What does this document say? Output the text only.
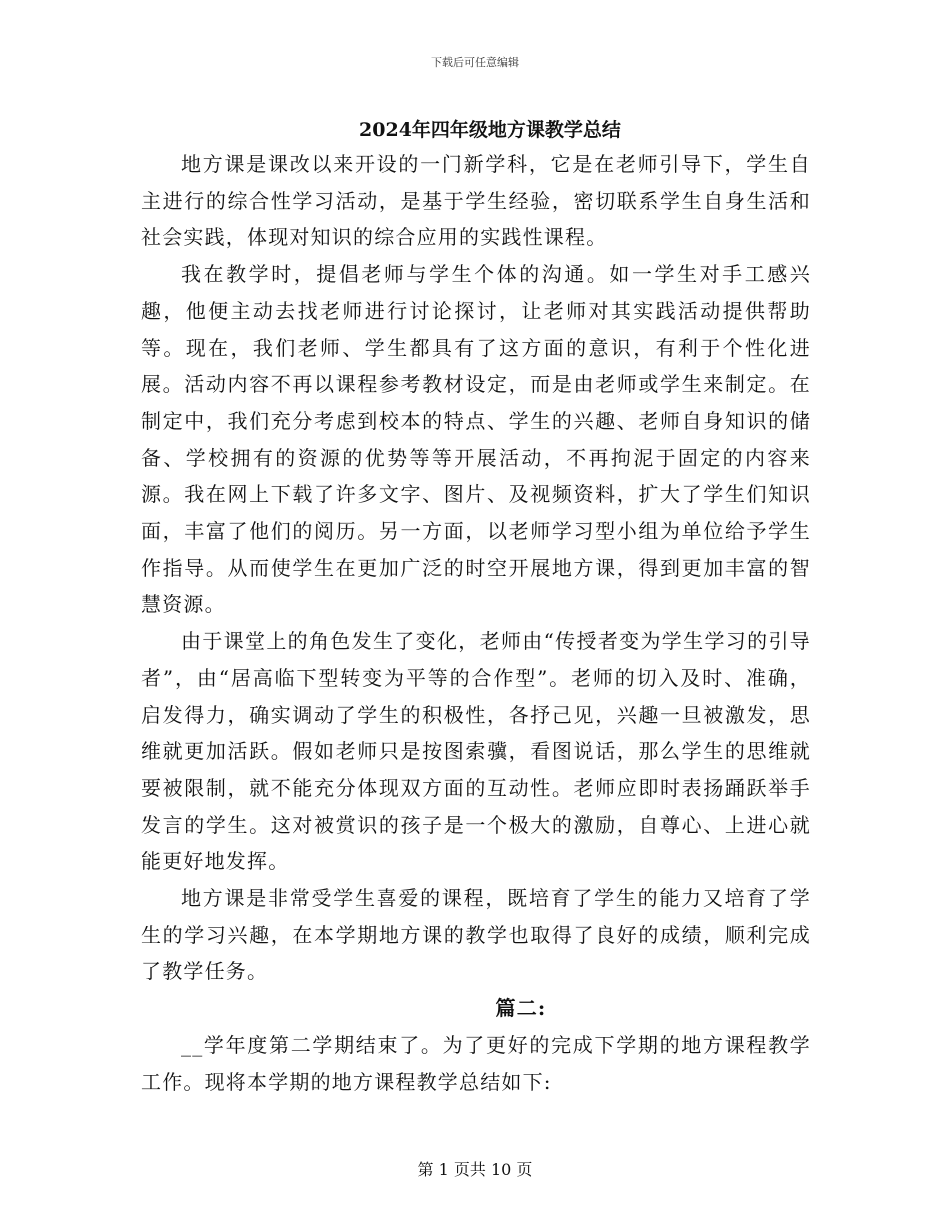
下载后可任意编辑
2024年四年级地方课教学总结

地方课是课改以来开设的一门新学科，它是在老师引导下，学生自主进行的综合性学习活动，是基于学生经验，密切联系学生自身生活和社会实践，体现对知识的综合应用的实践性课程。

我在教学时，提倡老师与学生个体的沟通。如一学生对手工感兴趣，他便主动去找老师进行讨论探讨，让老师对其实践活动提供帮助等。现在，我们老师、学生都具有了这方面的意识，有利于个性化进展。活动内容不再以课程参考教材设定，而是由老师或学生来制定。在制定中，我们充分考虑到校本的特点、学生的兴趣、老师自身知识的储备、学校拥有的资源的优势等等开展活动，不再拘泥于固定的内容来源。我在网上下载了许多文字、图片、及视频资料，扩大了学生们知识面，丰富了他们的阅历。另一方面，以老师学习型小组为单位给予学生作指导。从而使学生在更加广泛的时空开展地方课，得到更加丰富的智慧资源。

由于课堂上的角色发生了变化，老师由“传授者变为学生学习的引导者”，由“居高临下型转变为平等的合作型”。老师的切入及时、准确，启发得力，确实调动了学生的积极性，各抒己见，兴趣一旦被激发，思维就更加活跃。假如老师只是按图索骥，看图说话，那么学生的思维就要被限制，就不能充分体现双方面的互动性。老师应即时表扬踊跃举手发言的学生。这对被赏识的孩子是一个极大的激励，自尊心、上进心就能更好地发挥。

地方课是非常受学生喜爱的课程，既培育了学生的能力又培育了学生的学习兴趣，在本学期地方课的教学也取得了良好的成绩，顺利完成了教学任务。

篇二:

__学年度第二学期结束了。为了更好的完成下学期的地方课程教学工作。现将本学期的地方课程教学总结如下:

第 1 页共 10 页
